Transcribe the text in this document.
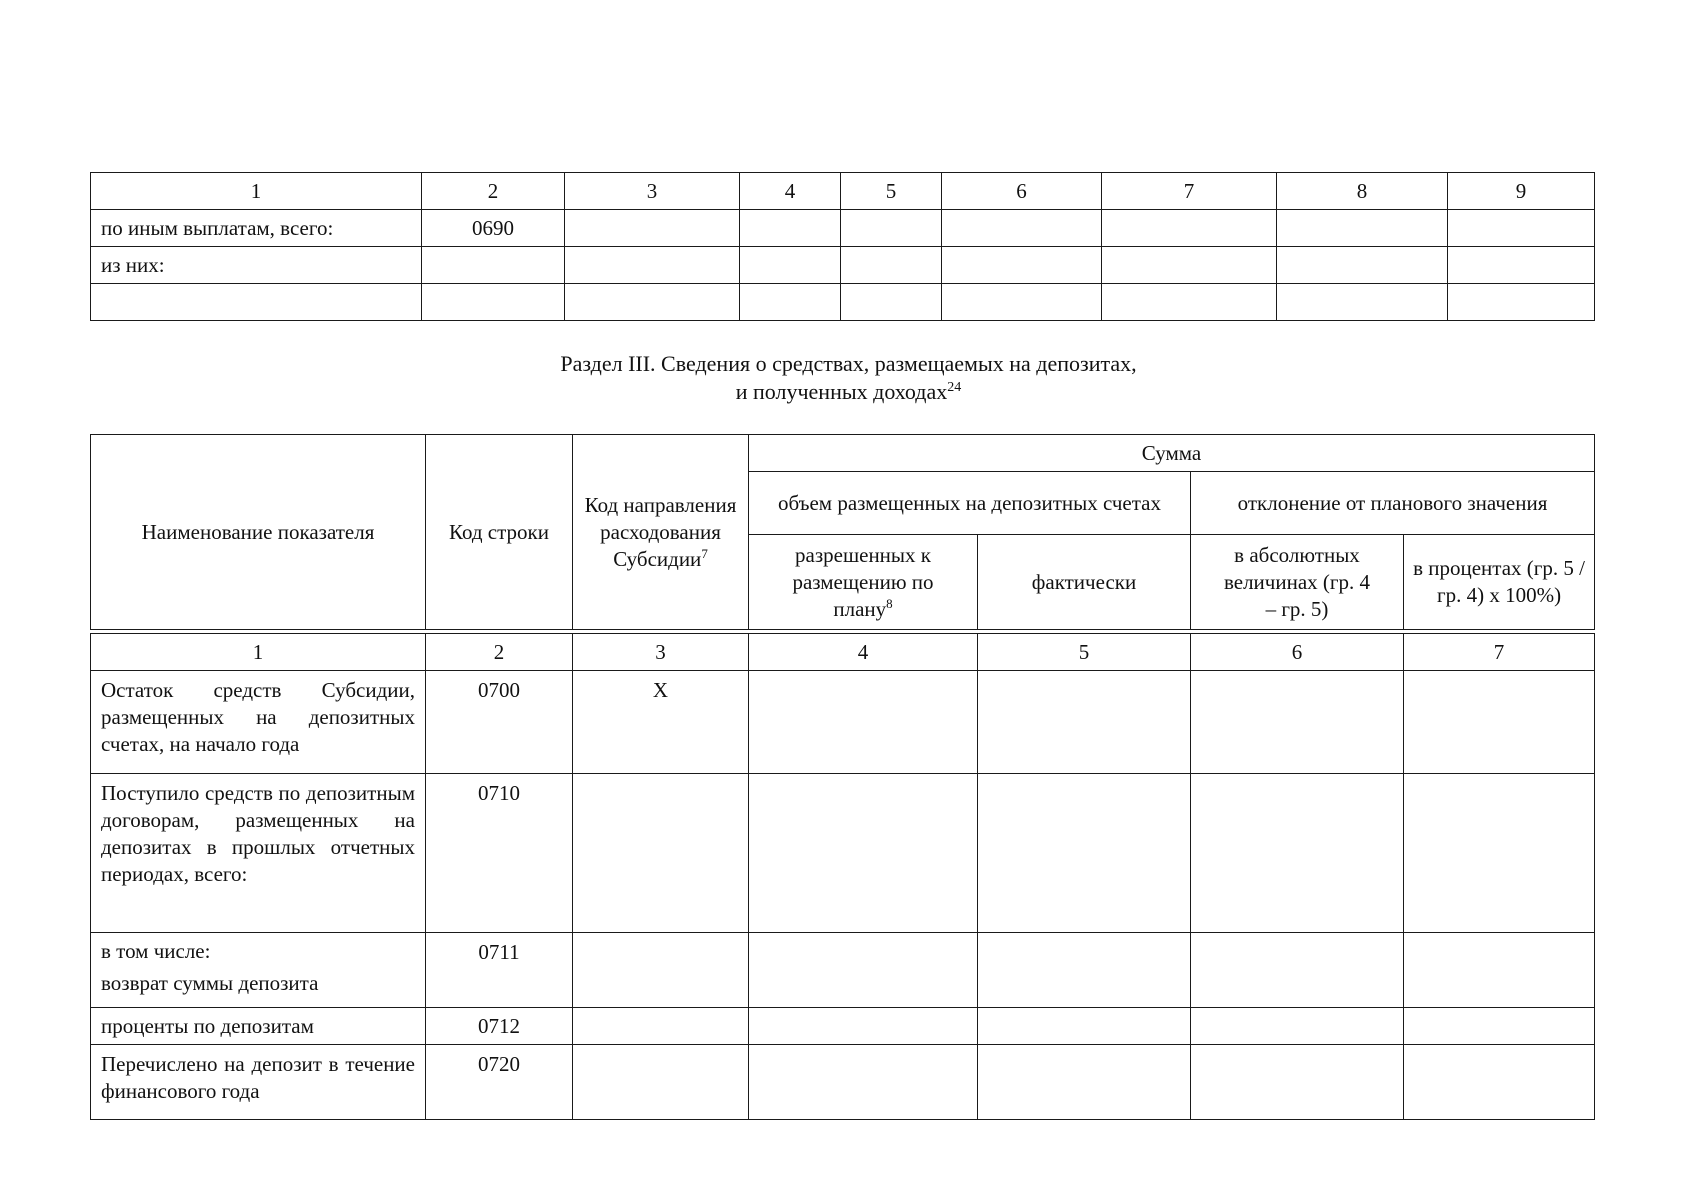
1	2	3	4	5	6	7	8	9
по иным выплатам, всего:	0690							
из них:								

Раздел III. Сведения о средствах, размещаемых на депозитах,
и полученных доходах$^{24}$
Наименование показателя	Код строки	Код направления расходования Субсидии$^7$	Сумма			
			объем размещенных на депозитных счетах		отклонение от планового значения	
			разрешенных к размещению по плану$^8$	фактически	в абсолютных величинах (гр. 4 – гр. 5)	в процентах (гр. 5 / гр. 4) х 100%)

1	2	3	4	5	6	7
Остаток средств Субсидии, размещенных на депозитных счетах, на начало года	0700	X				
Поступило средств по депозитным договорам, размещенных на депозитах в прошлых отчетных периодах, всего:	0710					

в том числе:
возврат суммы депозита	0711					
проценты по депозитам	0712					
Перечислено на депозит в течение финансового года	0720					
